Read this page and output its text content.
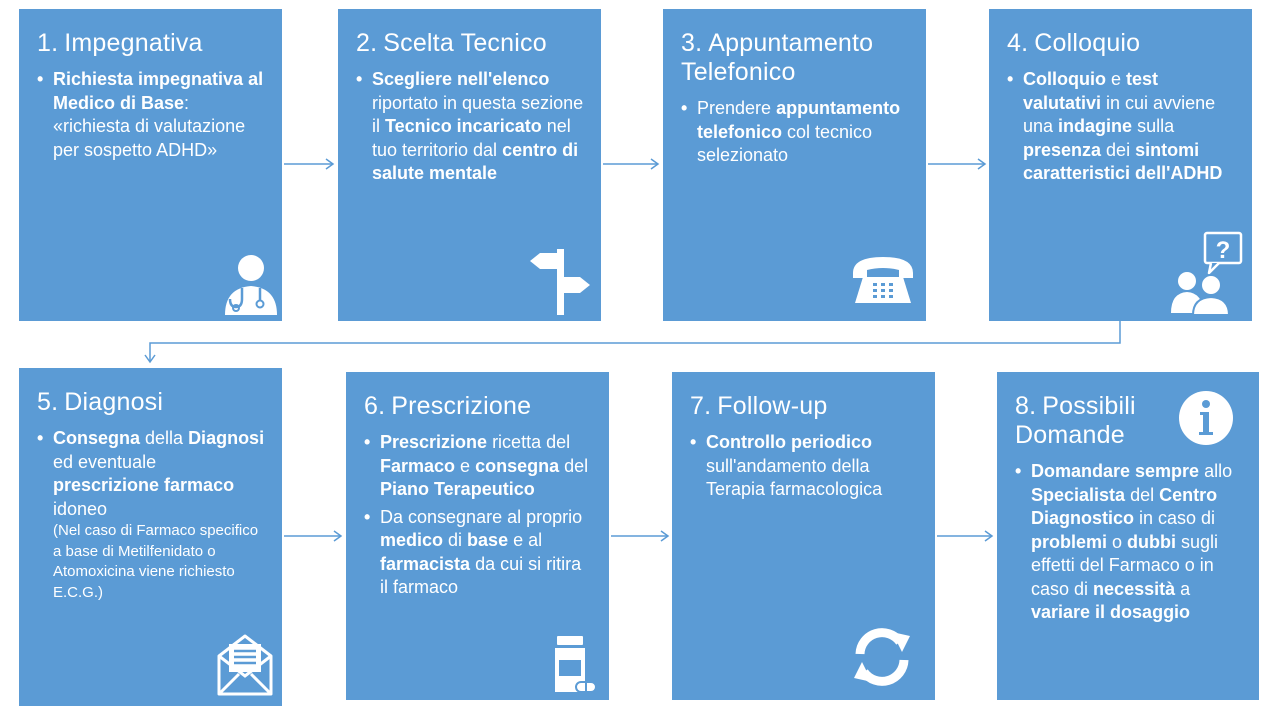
1. Impegnativa
• Richiesta impegnativa al Medico di Base: «richiesta di valutazione per sospetto ADHD»
2. Scelta Tecnico
• Scegliere nell'elenco riportato in questa sezione il Tecnico incaricato nel tuo territorio dal centro di salute mentale
3. Appuntamento Telefonico
• Prendere appuntamento telefonico col tecnico selezionato
4. Colloquio
• Colloquio e test valutativi in cui avviene una indagine sulla presenza dei sintomi caratteristici dell'ADHD
?
5. Diagnosi
• Consegna della Diagnosi ed eventuale prescrizione farmaco idoneo
(Nel caso di Farmaco specifico a base di Metilfenidato o Atomoxicina viene richiesto E.C.G.)
6. Prescrizione
• Prescrizione ricetta del Farmaco e consegna del Piano Terapeutico
• Da consegnare al proprio medico di base e al farmacista da cui si ritira il farmaco
7. Follow-up
• Controllo periodico sull'andamento della Terapia farmacologica
8. Possibili Domande
• Domandare sempre allo Specialista del Centro Diagnostico in caso di problemi o dubbi sugli effetti del Farmaco o in caso di necessità a variare il dosaggio
